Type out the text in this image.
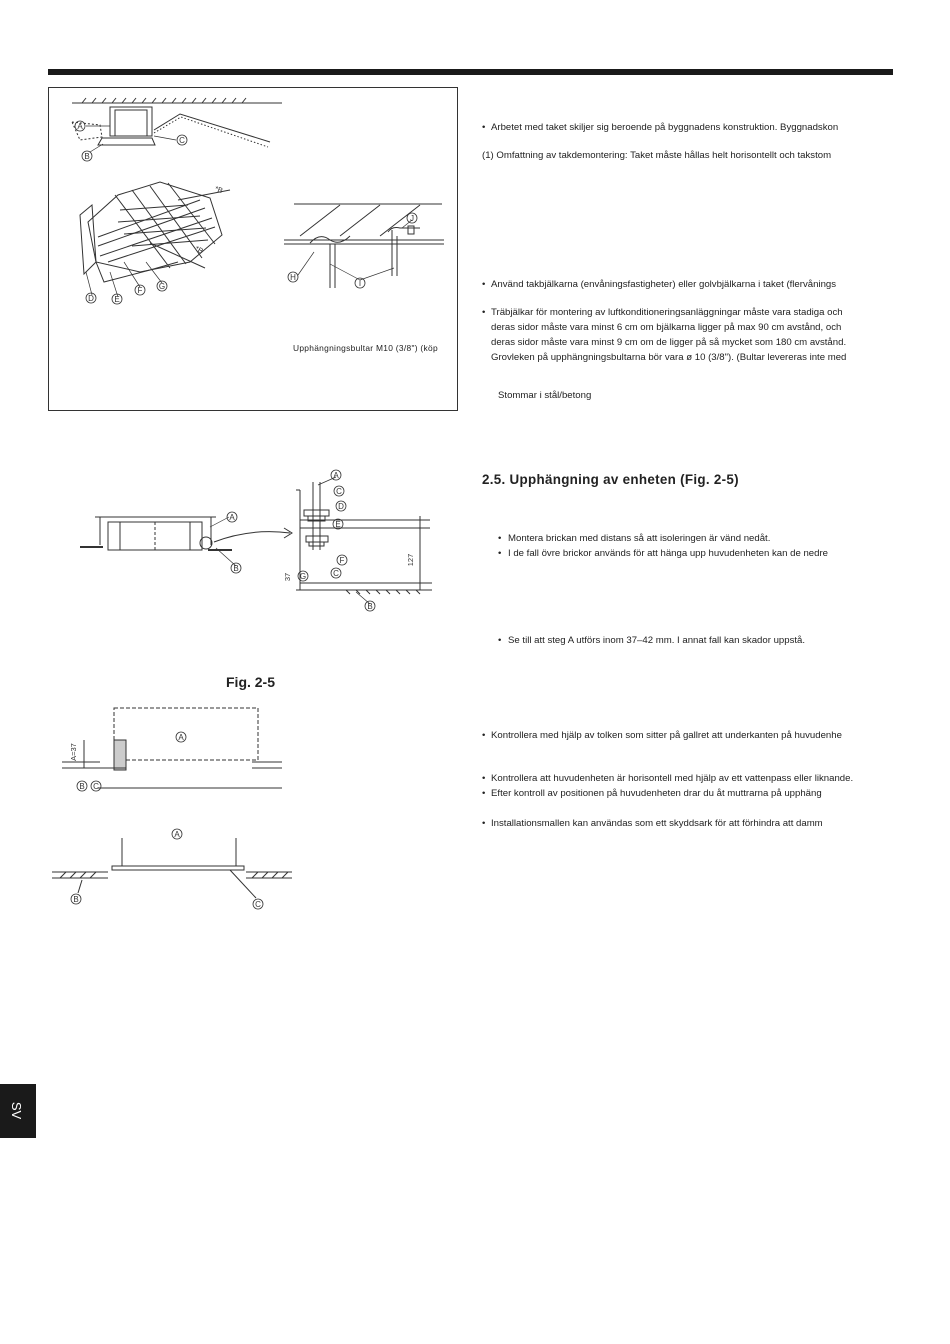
A
B
C
D	E
F G
H
I
J
*B
*B
A
B
A
C
D
E
F
C
G
B
127
37
A
B C
A=37
A
B
C
Upphängningsbultar M10 (3/8") (köp
Fig. 2-5
2.5. Upphängning av enheten (Fig. 2-5)
• Arbetet med taket skiljer sig beroende på byggnadens konstruktion. Byggnadskon
(1) Omfattning av takdemontering: Taket måste hållas helt horisontellt och takstom
• Använd takbjälkarna (envåningsfastigheter) eller golvbjälkarna i taket (flervånings
• Träbjälkar för montering av luftkonditioneringsanläggningar måste vara stadiga och
deras sidor måste vara minst 6 cm om bjälkarna ligger på max 90 cm avstånd, och
deras sidor måste vara minst 9 cm om de ligger på så mycket som 180 cm avstånd.
Grovleken på upphängningsbultarna bör vara ø 10 (3/8"). (Bultar levereras inte med
Stommar i stål/betong
• Montera brickan med distans så att isoleringen är vänd nedåt.
• I de fall övre brickor används för att hänga upp huvudenheten kan de nedre
• Se till att steg A utförs inom 37–42 mm. I annat fall kan skador uppstå.
• Kontrollera med hjälp av tolken som sitter på gallret att underkanten på huvudenhe
• Kontrollera att huvudenheten är horisontell med hjälp av ett vattenpass eller liknande.
• Efter kontroll av positionen på huvudenheten drar du åt muttrarna på upphäng
• Installationsmallen kan användas som ett skyddsark för att förhindra att damm
SV
